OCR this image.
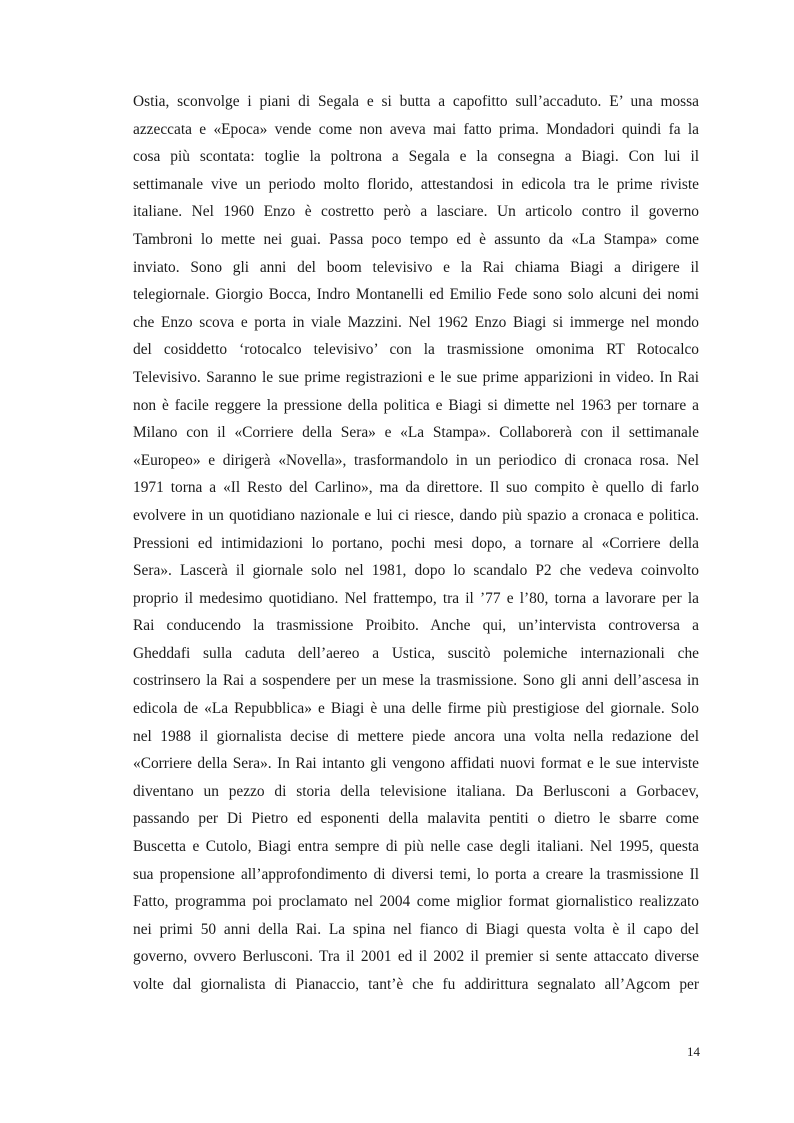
Ostia, sconvolge i piani di Segala e si butta a capofitto sull’accaduto. E’ una mossa
azzeccata e «Epoca» vende come non aveva mai fatto prima. Mondadori quindi fa la
cosa più scontata: toglie la poltrona a Segala e la consegna a Biagi. Con lui il
settimanale vive un periodo molto florido, attestandosi in edicola tra le prime riviste
italiane. Nel 1960 Enzo è costretto però a lasciare. Un articolo contro il governo
Tambroni lo mette nei guai. Passa poco tempo ed è assunto da «La Stampa» come
inviato. Sono gli anni del boom televisivo e la Rai chiama Biagi a dirigere il
telegiornale. Giorgio Bocca, Indro Montanelli ed Emilio Fede sono solo alcuni dei nomi
che Enzo scova e porta in viale Mazzini. Nel 1962 Enzo Biagi si immerge nel mondo
del cosiddetto ‘rotocalco televisivo’ con la trasmissione omonima RT Rotocalco
Televisivo. Saranno le sue prime registrazioni e le sue prime apparizioni in video. In Rai
non è facile reggere la pressione della politica e Biagi si dimette nel 1963 per tornare a
Milano con il «Corriere della Sera» e «La Stampa». Collaborerà con il settimanale
«Europeo» e dirigerà «Novella», trasformandolo in un periodico di cronaca rosa. Nel
1971 torna a «Il Resto del Carlino», ma da direttore. Il suo compito è quello di farlo
evolvere in un quotidiano nazionale e lui ci riesce, dando più spazio a cronaca e politica.
Pressioni ed intimidazioni lo portano, pochi mesi dopo, a tornare al «Corriere della
Sera». Lascerà il giornale solo nel 1981, dopo lo scandalo P2 che vedeva coinvolto
proprio il medesimo quotidiano. Nel frattempo, tra il ’77 e l’80, torna a lavorare per la
Rai conducendo la trasmissione Proibito. Anche qui, un’intervista controversa a
Gheddafi sulla caduta dell’aereo a Ustica, suscitò polemiche internazionali che
costrinsero la Rai a sospendere per un mese la trasmissione. Sono gli anni dell’ascesa in
edicola de «La Repubblica» e Biagi è una delle firme più prestigiose del giornale. Solo
nel 1988 il giornalista decise di mettere piede ancora una volta nella redazione del
«Corriere della Sera». In Rai intanto gli vengono affidati nuovi format e le sue interviste
diventano un pezzo di storia della televisione italiana. Da Berlusconi a Gorbacev,
passando per Di Pietro ed esponenti della malavita pentiti o dietro le sbarre come
Buscetta e Cutolo, Biagi entra sempre di più nelle case degli italiani. Nel 1995, questa
sua propensione all’approfondimento di diversi temi, lo porta a creare la trasmissione Il
Fatto, programma poi proclamato nel 2004 come miglior format giornalistico realizzato
nei primi 50 anni della Rai. La spina nel fianco di Biagi questa volta è il capo del
governo, ovvero Berlusconi. Tra il 2001 ed il 2002 il premier si sente attaccato diverse
volte dal giornalista di Pianaccio, tant’è che fu addirittura segnalato all’Agcom per
14
